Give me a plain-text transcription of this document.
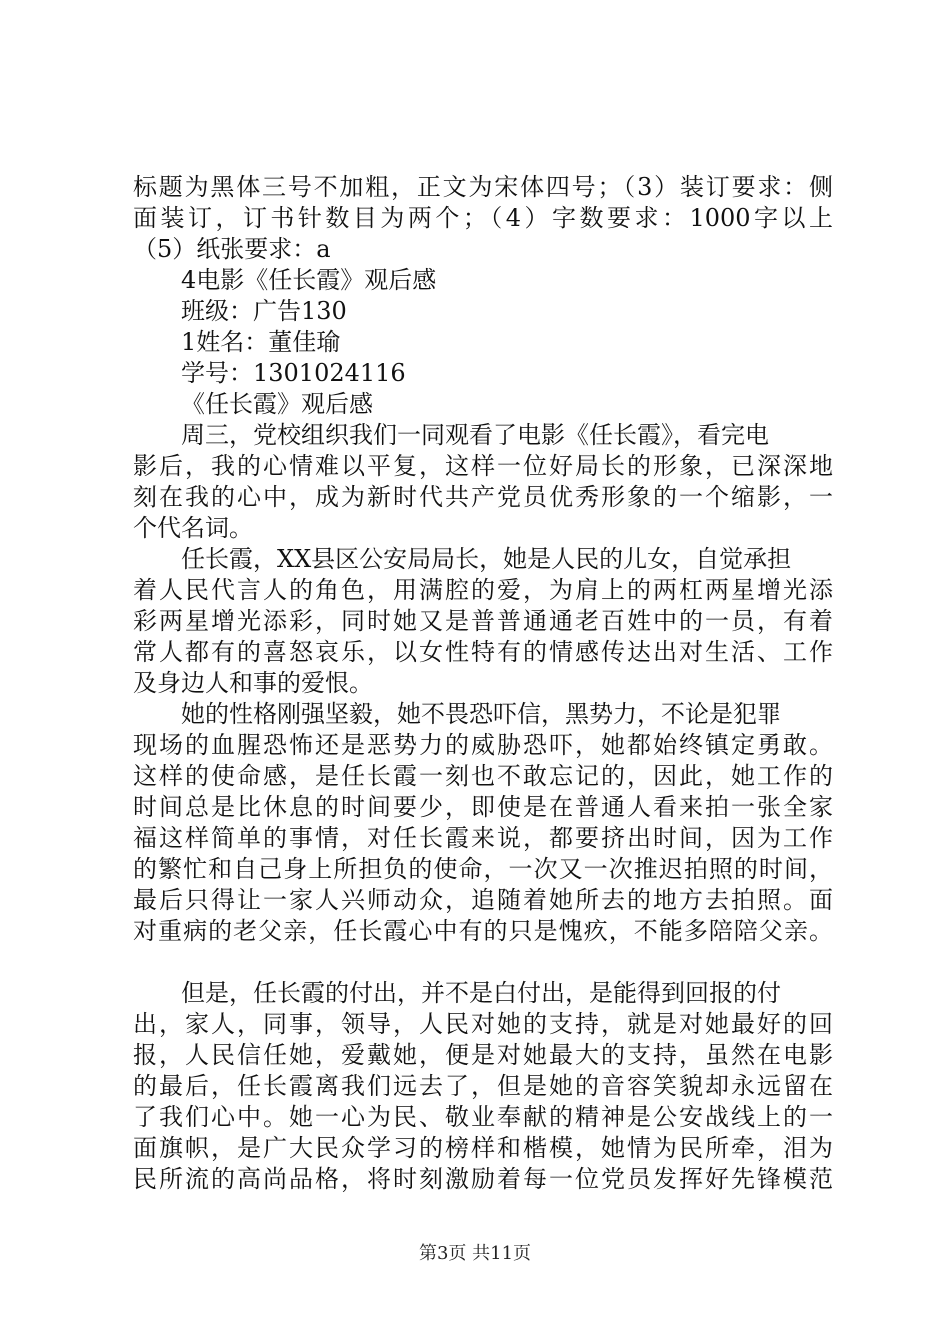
标题为黑体三号不加粗，正文为宋体四号；（3）装订要求：侧
面装订，订书针数目为两个；（4）字数要求：1000字以上
（5）纸张要求：a
4电影《任长霞》观后感
班级：广告130
1姓名：董佳瑜
学号：1301024116
《任长霞》观后感
周三，党校组织我们一同观看了电影《任长霞》，看完电
影后，我的心情难以平复，这样一位好局长的形象，已深深地
刻在我的心中，成为新时代共产党员优秀形象的一个缩影，一
个代名词。
任长霞，XX县区公安局局长，她是人民的儿女，自觉承担
着人民代言人的角色，用满腔的爱，为肩上的两杠两星增光添
彩两星增光添彩，同时她又是普普通通老百姓中的一员，有着
常人都有的喜怒哀乐，以女性特有的情感传达出对生活、工作
及身边人和事的爱恨。
她的性格刚强坚毅，她不畏恐吓信，黑势力，不论是犯罪
现场的血腥恐怖还是恶势力的威胁恐吓，她都始终镇定勇敢。
这样的使命感，是任长霞一刻也不敢忘记的，因此，她工作的
时间总是比休息的时间要少，即使是在普通人看来拍一张全家
福这样简单的事情，对任长霞来说，都要挤出时间，因为工作
的繁忙和自己身上所担负的使命，一次又一次推迟拍照的时间，
最后只得让一家人兴师动众，追随着她所去的地方去拍照。面
对重病的老父亲，任长霞心中有的只是愧疚，不能多陪陪父亲。
但是，任长霞的付出，并不是白付出，是能得到回报的付
出，家人，同事，领导，人民对她的支持，就是对她最好的回
报，人民信任她，爱戴她，便是对她最大的支持，虽然在电影
的最后，任长霞离我们远去了，但是她的音容笑貌却永远留在
了我们心中。她一心为民、敬业奉献的精神是公安战线上的一
面旗帜，是广大民众学习的榜样和楷模，她情为民所牵，泪为
民所流的高尚品格，将时刻激励着每一位党员发挥好先锋模范
第3页 共11页
